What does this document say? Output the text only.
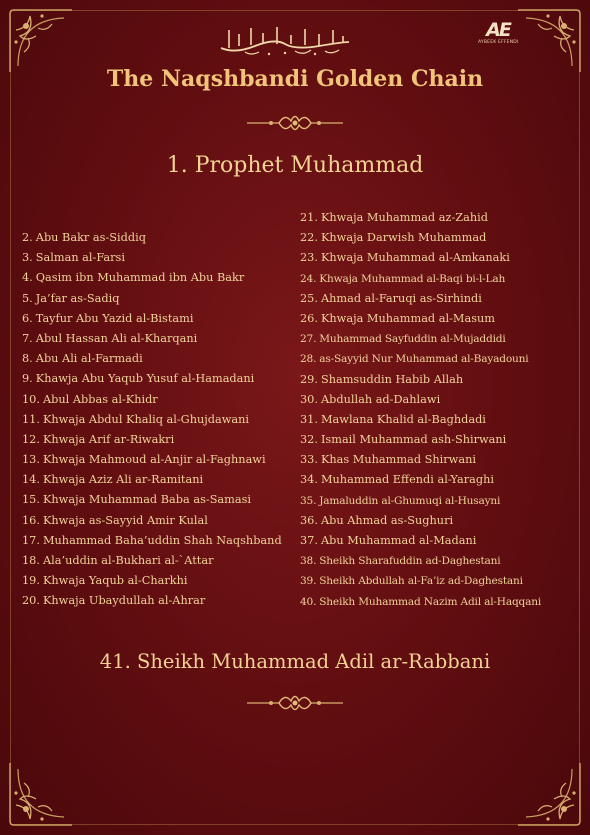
AE
AYBEEK EFFENDI
The Naqshbandi Golden Chain
1. Prophet Muhammad
2. Abu Bakr as-Siddiq
3. Salman al-Farsi
4. Qasim ibn Muhammad ibn Abu Bakr
5. Ja’far as-Sadiq
6. Tayfur Abu Yazid al-Bistami
7. Abul Hassan Ali al-Kharqani
8. Abu Ali al-Farmadi
9. Khawja Abu Yaqub Yusuf al-Hamadani
10. Abul Abbas al-Khidr
11. Khwaja Abdul Khaliq al-Ghujdawani
12. Khwaja Arif ar-Riwakri
13. Khwaja Mahmoud al-Anjir al-Faghnawi
14. Khwaja Aziz Ali ar-Ramitani
15. Khwaja Muhammad Baba as-Samasi
16. Khwaja as-Sayyid Amir Kulal
17. Muhammad Baha’uddin Shah Naqshband
18. Ala’uddin al-Bukhari al-`Attar
19. Khwaja Yaqub al-Charkhi
20. Khwaja Ubaydullah al-Ahrar
21. Khwaja Muhammad az-Zahid
22. Khwaja Darwish Muhammad
23. Khwaja Muhammad al-Amkanaki
24. Khwaja Muhammad al-Baqi bi-l-Lah
25. Ahmad al-Faruqi as-Sirhindi
26. Khwaja Muhammad al-Masum
27. Muhammad Sayfuddin al-Mujaddidi
28. as-Sayyid Nur Muhammad al-Bayadouni
29. Shamsuddin Habib Allah
30. Abdullah ad-Dahlawi
31. Mawlana Khalid al-Baghdadi
32. Ismail Muhammad ash-Shirwani
33. Khas Muhammad Shirwani
34. Muhammad Effendi al-Yaraghi
35. Jamaluddin al-Ghumuqi al-Husayni
36. Abu Ahmad as-Sughuri
37. Abu Muhammad al-Madani
38. Sheikh Sharafuddin ad-Daghestani
39. Sheikh Abdullah al-Fa’iz ad-Daghestani
40. Sheikh Muhammad Nazim Adil al-Haqqani
41. Sheikh Muhammad Adil ar-Rabbani
